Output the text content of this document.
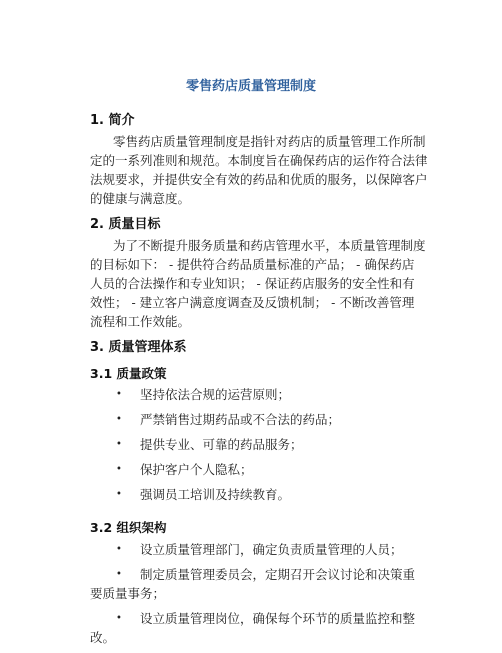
零售药店质量管理制度
1. 简介
零售药店质量管理制度是指针对药店的质量管理工作所制
定的一系列准则和规范。本制度旨在确保药店的运作符合法律
法规要求，并提供安全有效的药品和优质的服务，以保障客户
的健康与满意度。
2. 质量目标
为了不断提升服务质量和药店管理水平，本质量管理制度
的目标如下： - 提供符合药品质量标准的产品； - 确保药店
人员的合法操作和专业知识； - 保证药店服务的安全性和有
效性； - 建立客户满意度调查及反馈机制； - 不断改善管理
流程和工作效能。
3. 质量管理体系
3.1 质量政策
•	坚持依法合规的运营原则；
•	严禁销售过期药品或不合法的药品；
•	提供专业、可靠的药品服务；
•	保护客户个人隐私；
•	强调员工培训及持续教育。
3.2 组织架构
•	设立质量管理部门，确定负责质量管理的人员；
•	制定质量管理委员会，定期召开会议讨论和决策重
要质量事务；
•	设立质量管理岗位，确保每个环节的质量监控和整
改。
